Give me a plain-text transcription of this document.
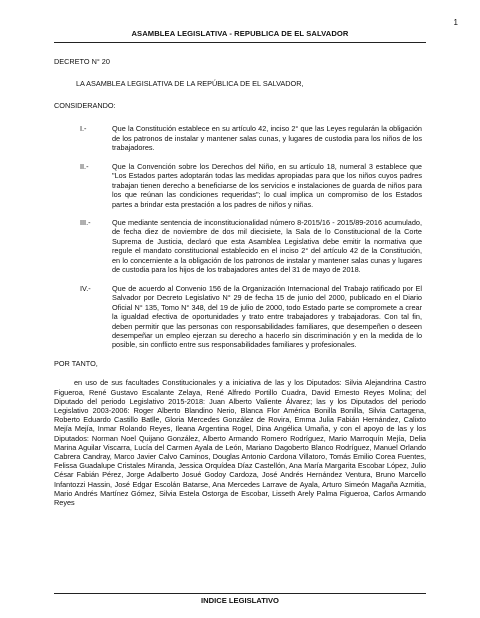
1
ASAMBLEA LEGISLATIVA - REPUBLICA DE EL SALVADOR
DECRETO N° 20
LA ASAMBLEA LEGISLATIVA DE LA REPÚBLICA DE EL SALVADOR,
CONSIDERANDO:
I.-	Que la Constitución establece en su artículo 42, inciso 2° que las Leyes regularán la obligación de los patronos de instalar y mantener salas cunas, y lugares de custodia para los niños de los trabajadores.
II.-	Que la Convención sobre los Derechos del Niño, en su artículo 18, numeral 3 establece que "Los Estados partes adoptarán todas las medidas apropiadas para que los niños cuyos padres trabajan tienen derecho a beneficiarse de los servicios e instalaciones de guarda de niños para los que reúnan las condiciones requeridas"; lo cual implica un compromiso de los Estados partes a brindar esta prestación a los padres de niños y niñas.
III.-	Que mediante sentencia de inconstitucionalidad número 8-2015/16 - 2015/89-2016 acumulado, de fecha diez de noviembre de dos mil diecisiete, la Sala de lo Constitucional de la Corte Suprema de Justicia, declaró que esta Asamblea Legislativa debe emitir la normativa que regule el mandato constitucional establecido en el inciso 2° del artículo 42 de la Constitución, en lo concerniente a la obligación de los patronos de instalar y mantener salas cunas y lugares de custodia para los hijos de los trabajadores antes del 31 de mayo de 2018.
IV.-	Que de acuerdo al Convenio 156 de la Organización Internacional del Trabajo ratificado por El Salvador por Decreto Legislativo N° 29 de fecha 15 de junio del 2000, publicado en el Diario Oficial N° 135, Tomo N° 348, del 19 de julio de 2000, todo Estado parte se compromete a crear la igualdad efectiva de oportunidades y trato entre trabajadores y trabajadoras. Con tal fin, deben permitir que las personas con responsabilidades familiares, que desempeñen o deseen desempeñar un empleo ejerzan su derecho a hacerlo sin discriminación y en la medida de lo posible, sin conflicto entre sus responsabilidades familiares y profesionales.
POR TANTO,

en uso de sus facultades Constitucionales y a iniciativa de las y los Diputados: Silvia Alejandrina Castro Figueroa, René Gustavo Escalante Zelaya, René Alfredo Portillo Cuadra, David Ernesto Reyes Molina; del Diputado del periodo Legislativo 2015-2018: Juan Alberto Valiente Álvarez; las y los Diputados del periodo Legislativo 2003-2006: Roger Alberto Blandino Nerio, Blanca Flor América Bonilla Bonilla, Silvia Cartagena, Roberto Eduardo Castillo Batlle, Gloria Mercedes González de Rovira, Emma Julia Fabián Hernández, Calixto Mejía Mejía, Inmar Rolando Reyes, Ileana Argentina Rogel, Dina Angélica Umaña, y con el apoyo de las y los Diputados: Norman Noel Quijano González, Alberto Armando Romero Rodríguez, Mario Marroquín Mejía, Delia Marina Aguilar Viscarra, Lucía del Carmen Ayala de León, Mariano Dagoberto Blanco Rodríguez, Manuel Orlando Cabrera Candray, Marco Javier Calvo Caminos, Douglas Antonio Cardona Villatoro, Tomás Emilio Corea Fuentes, Felissa Guadalupe Cristales Miranda, Jessica Orquídea Díaz Castellón, Ana María Margarita Escobar López, Julio César Fabián Pérez, Jorge Adalberto Josué Godoy Cardoza, José Andrés Hernández Ventura, Bruno Marcello Infantozzi Hassin, José Edgar Escolán Batarse, Ana Mercedes Larrave de Ayala, Arturo Simeón Magaña Azmitia, Mario Andrés Martínez Gómez, Silvia Estela Ostorga de Escobar, Lisseth Arely Palma Figueroa, Carlos Armando Reyes

INDICE LEGISLATIVO
